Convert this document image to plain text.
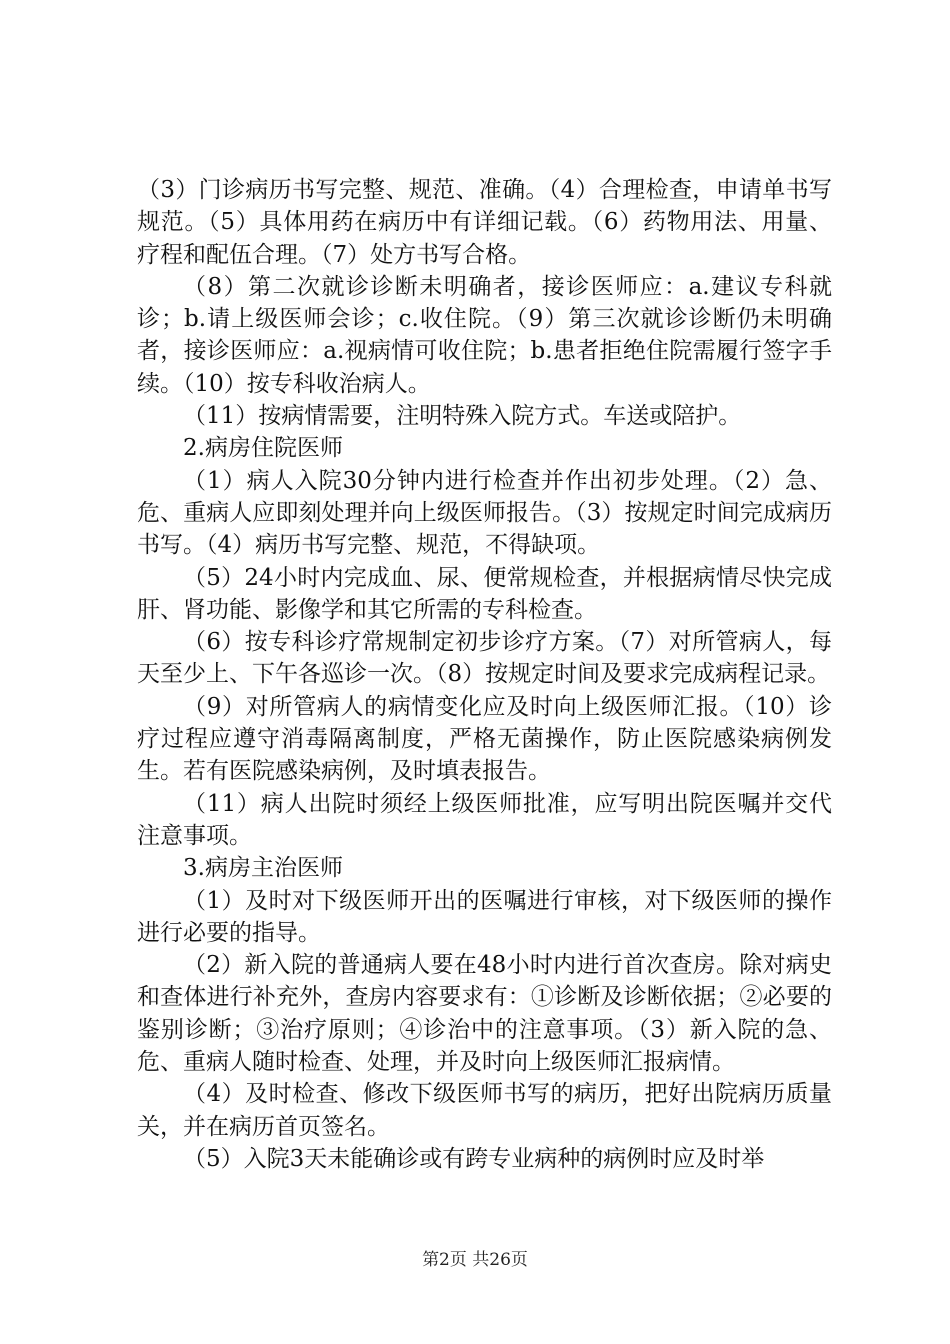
（3）门诊病历书写完整、规范、准确。（4）合理检查，申请单书写规范。（5）具体用药在病历中有详细记载。（6）药物用法、用量、疗程和配伍合理。（7）处方书写合格。

（8）第二次就诊诊断未明确者，接诊医师应：a.建议专科就诊；b.请上级医师会诊；c.收住院。（9）第三次就诊诊断仍未明确者，接诊医师应：a.视病情可收住院；b.患者拒绝住院需履行签字手续。（10）按专科收治病人。

（11）按病情需要，注明特殊入院方式。车送或陪护。

2.病房住院医师

（1）病人入院30分钟内进行检查并作出初步处理。（2）急、危、重病人应即刻处理并向上级医师报告。（3）按规定时间完成病历书写。（4）病历书写完整、规范，不得缺项。

（5）24小时内完成血、尿、便常规检查，并根据病情尽快完成肝、肾功能、影像学和其它所需的专科检查。

（6）按专科诊疗常规制定初步诊疗方案。（7）对所管病人，每天至少上、下午各巡诊一次。（8）按规定时间及要求完成病程记录。

（9）对所管病人的病情变化应及时向上级医师汇报。（10）诊疗过程应遵守消毒隔离制度，严格无菌操作，防止医院感染病例发生。若有医院感染病例，及时填表报告。

（11）病人出院时须经上级医师批准，应写明出院医嘱并交代注意事项。

3.病房主治医师

（1）及时对下级医师开出的医嘱进行审核，对下级医师的操作进行必要的指导。

（2）新入院的普通病人要在48小时内进行首次查房。除对病史和查体进行补充外，查房内容要求有：①诊断及诊断依据；②必要的鉴别诊断；③治疗原则；④诊治中的注意事项。（3）新入院的急、危、重病人随时检查、处理，并及时向上级医师汇报病情。

（4）及时检查、修改下级医师书写的病历，把好出院病历质量关，并在病历首页签名。

（5）入院3天未能确诊或有跨专业病种的病例时应及时举

第2页 共26页
